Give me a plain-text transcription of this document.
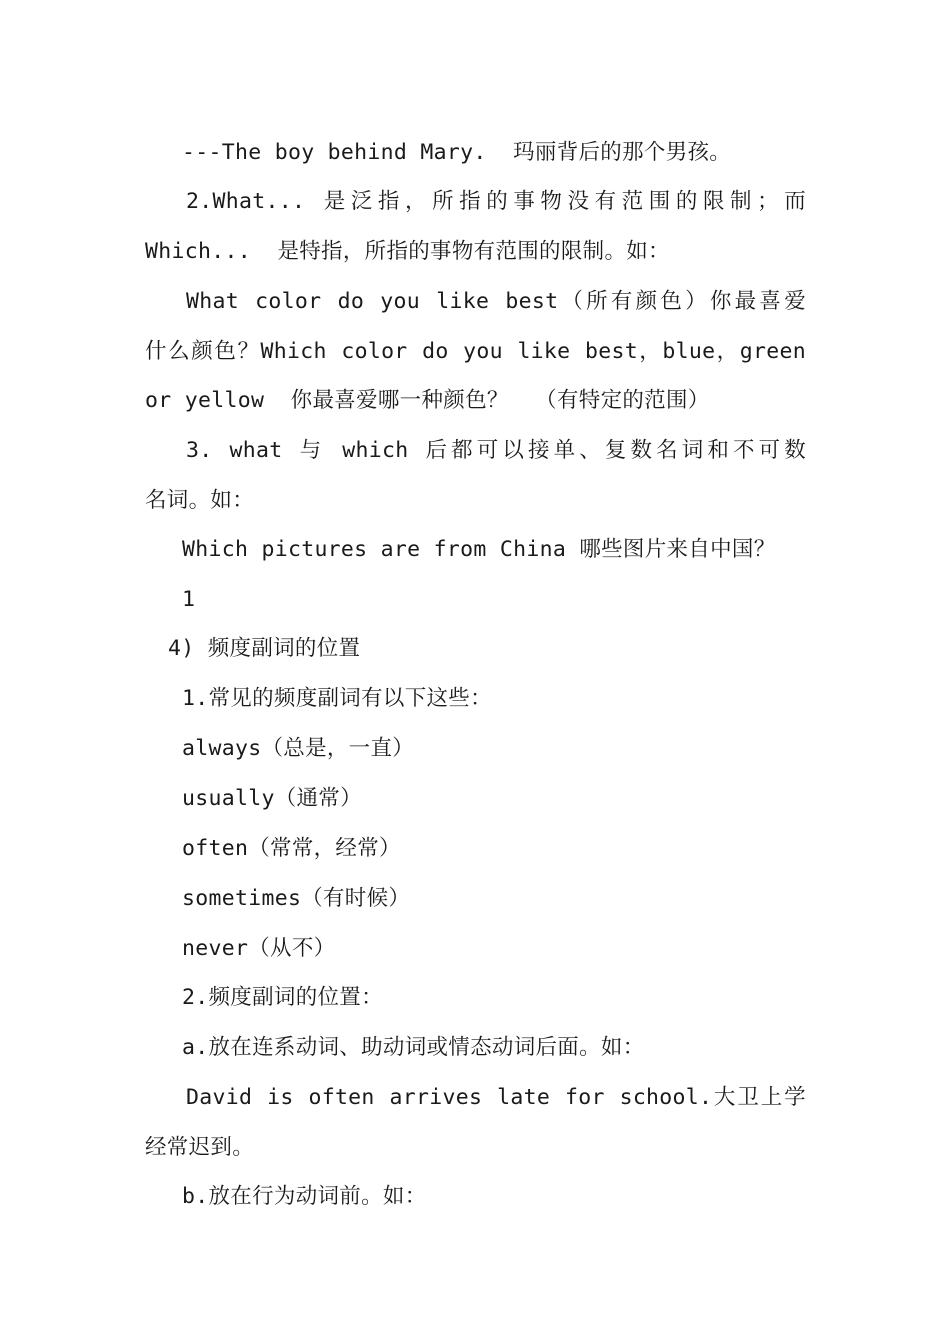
---The boy behind Mary.  玛丽背后的那个男孩。
2.What... 是泛指，所指的事物没有范围的限制；而
Which...  是特指，所指的事物有范围的限制。如：
What color do you like best（所有颜色）你最喜爱
什么颜色？Which color do you like best，blue，green
or yellow  你最喜爱哪一种颜色？  （有特定的范围）
3. what 与 which 后都可以接单、复数名词和不可数
名词。如：
Which pictures are from China 哪些图片来自中国？
1
4) 频度副词的位置
1.常见的频度副词有以下这些：
always（总是，一直）
usually（通常）
often（常常，经常）
sometimes（有时候）
never（从不）
2.频度副词的位置：
a.放在连系动词、助动词或情态动词后面。如：
David is often arrives late for school.大卫上学
经常迟到。
b.放在行为动词前。如：
